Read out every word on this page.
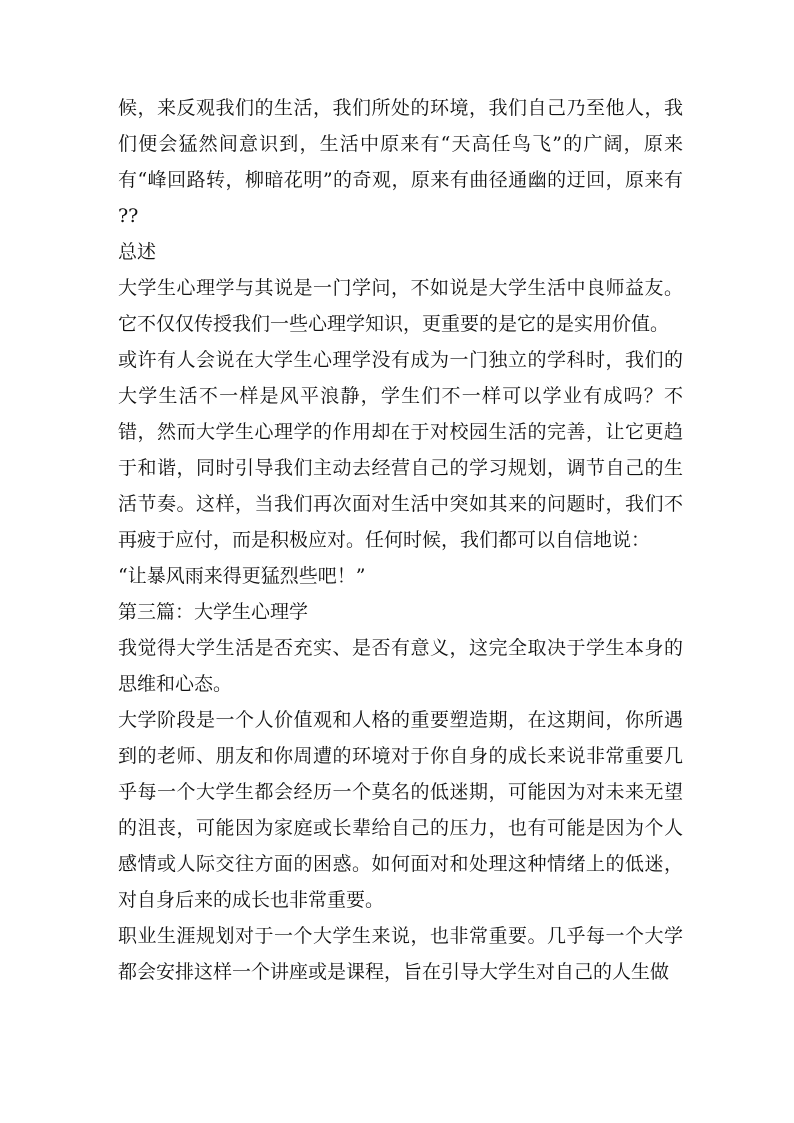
候，来反观我们的生活，我们所处的环境，我们自己乃至他人，我们便会猛然间意识到，生活中原来有“天高任鸟飞”的广阔，原来有“峰回路转，柳暗花明”的奇观，原来有曲径通幽的迂回，原来有 ??

总述

大学生心理学与其说是一门学问，不如说是大学生活中良师益友。它不仅仅传授我们一些心理学知识，更重要的是它的是实用价值。

或许有人会说在大学生心理学没有成为一门独立的学科时，我们的大学生活不一样是风平浪静，学生们不一样可以学业有成吗？不错，然而大学生心理学的作用却在于对校园生活的完善，让它更趋于和谐，同时引导我们主动去经营自己的学习规划，调节自己的生活节奏。这样，当我们再次面对生活中突如其来的问题时，我们不再疲于应付，而是积极应对。任何时候，我们都可以自信地说：

“让暴风雨来得更猛烈些吧！”

第三篇：大学生心理学

我觉得大学生活是否充实、是否有意义，这完全取决于学生本身的思维和心态。

大学阶段是一个人价值观和人格的重要塑造期，在这期间，你所遇到的老师、朋友和你周遭的环境对于你自身的成长来说非常重要几乎每一个大学生都会经历一个莫名的低迷期，可能因为对未来无望的沮丧，可能因为家庭或长辈给自己的压力，也有可能是因为个人感情或人际交往方面的困惑。如何面对和处理这种情绪上的低迷，对自身后来的成长也非常重要。

职业生涯规划对于一个大学生来说，也非常重要。几乎每一个大学都会安排这样一个讲座或是课程，旨在引导大学生对自己的人生做
